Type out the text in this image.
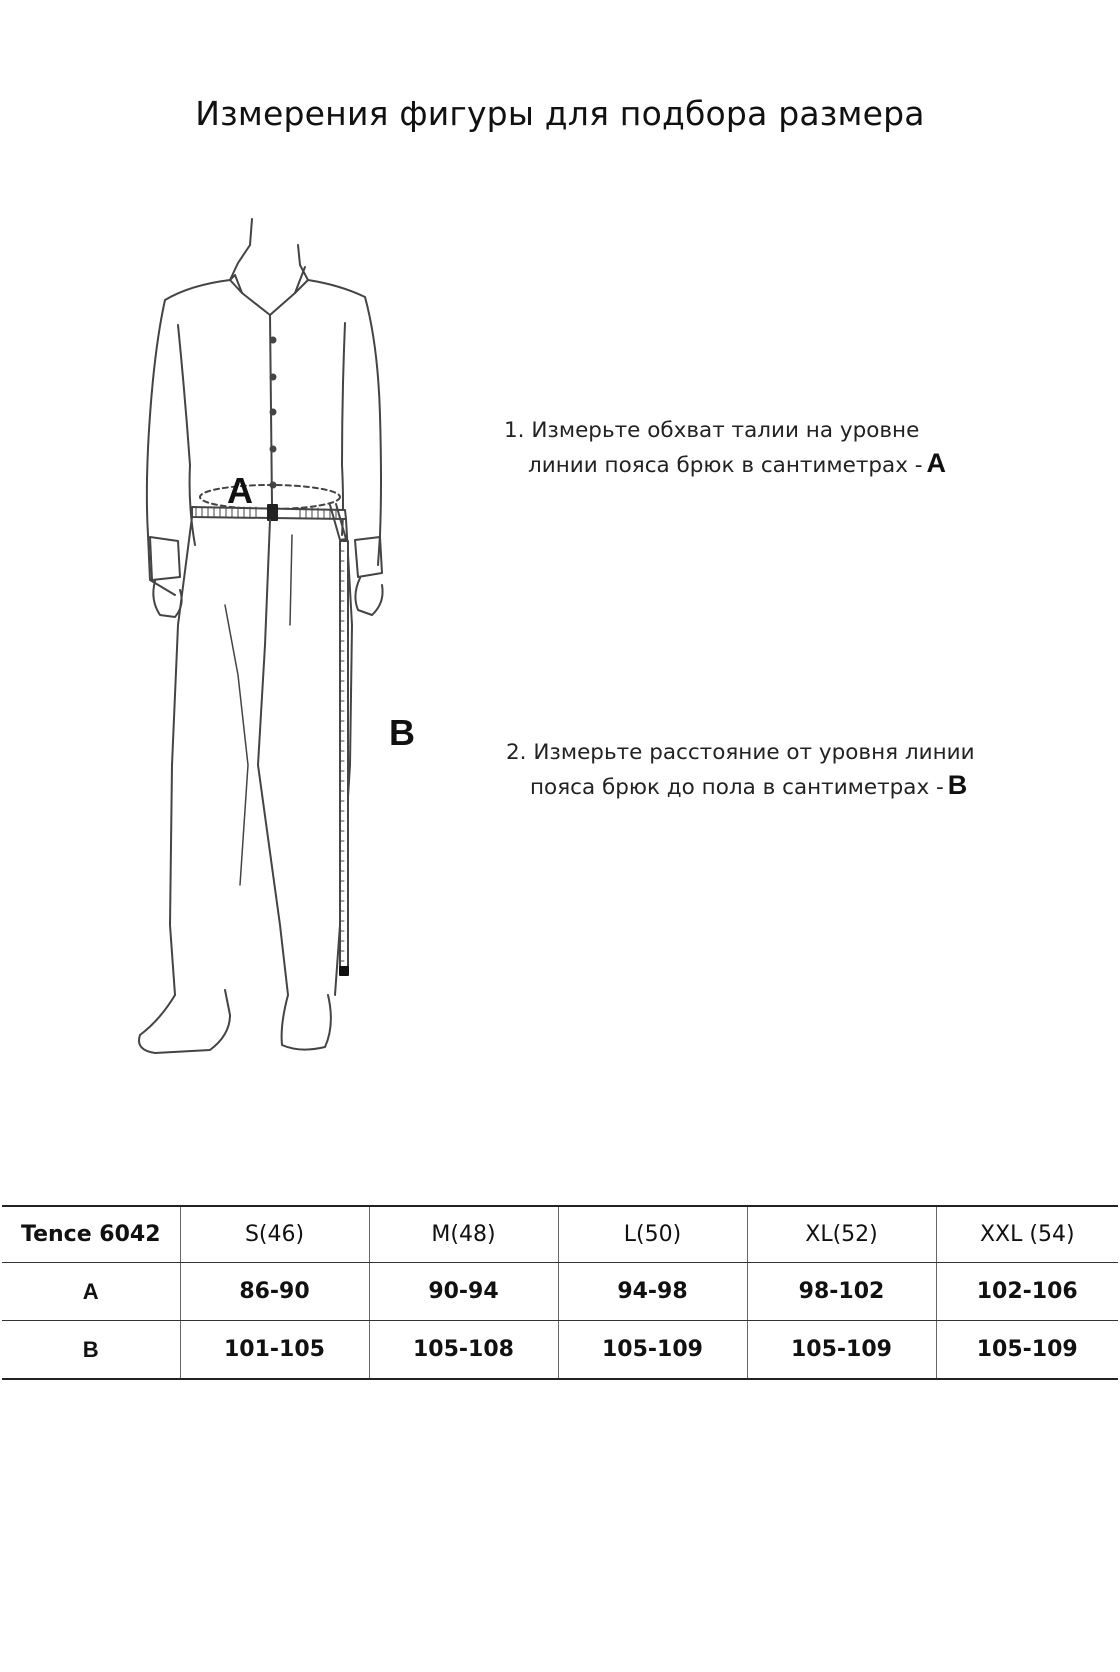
Измерения фигуры для подбора размера
A
B
1. Измерьте обхват талии на уровне
линии пояса брюк в сантиметрах - A
2. Измерьте расстояние от уровня линии
пояса брюк до пола в сантиметрах - B
Tence 6042	S(46)	M(48)	L(50)	XL(52)	XXL (54)
A	86-90	90-94	94-98	98-102	102-106
B	101-105	105-108	105-109	105-109	105-109
